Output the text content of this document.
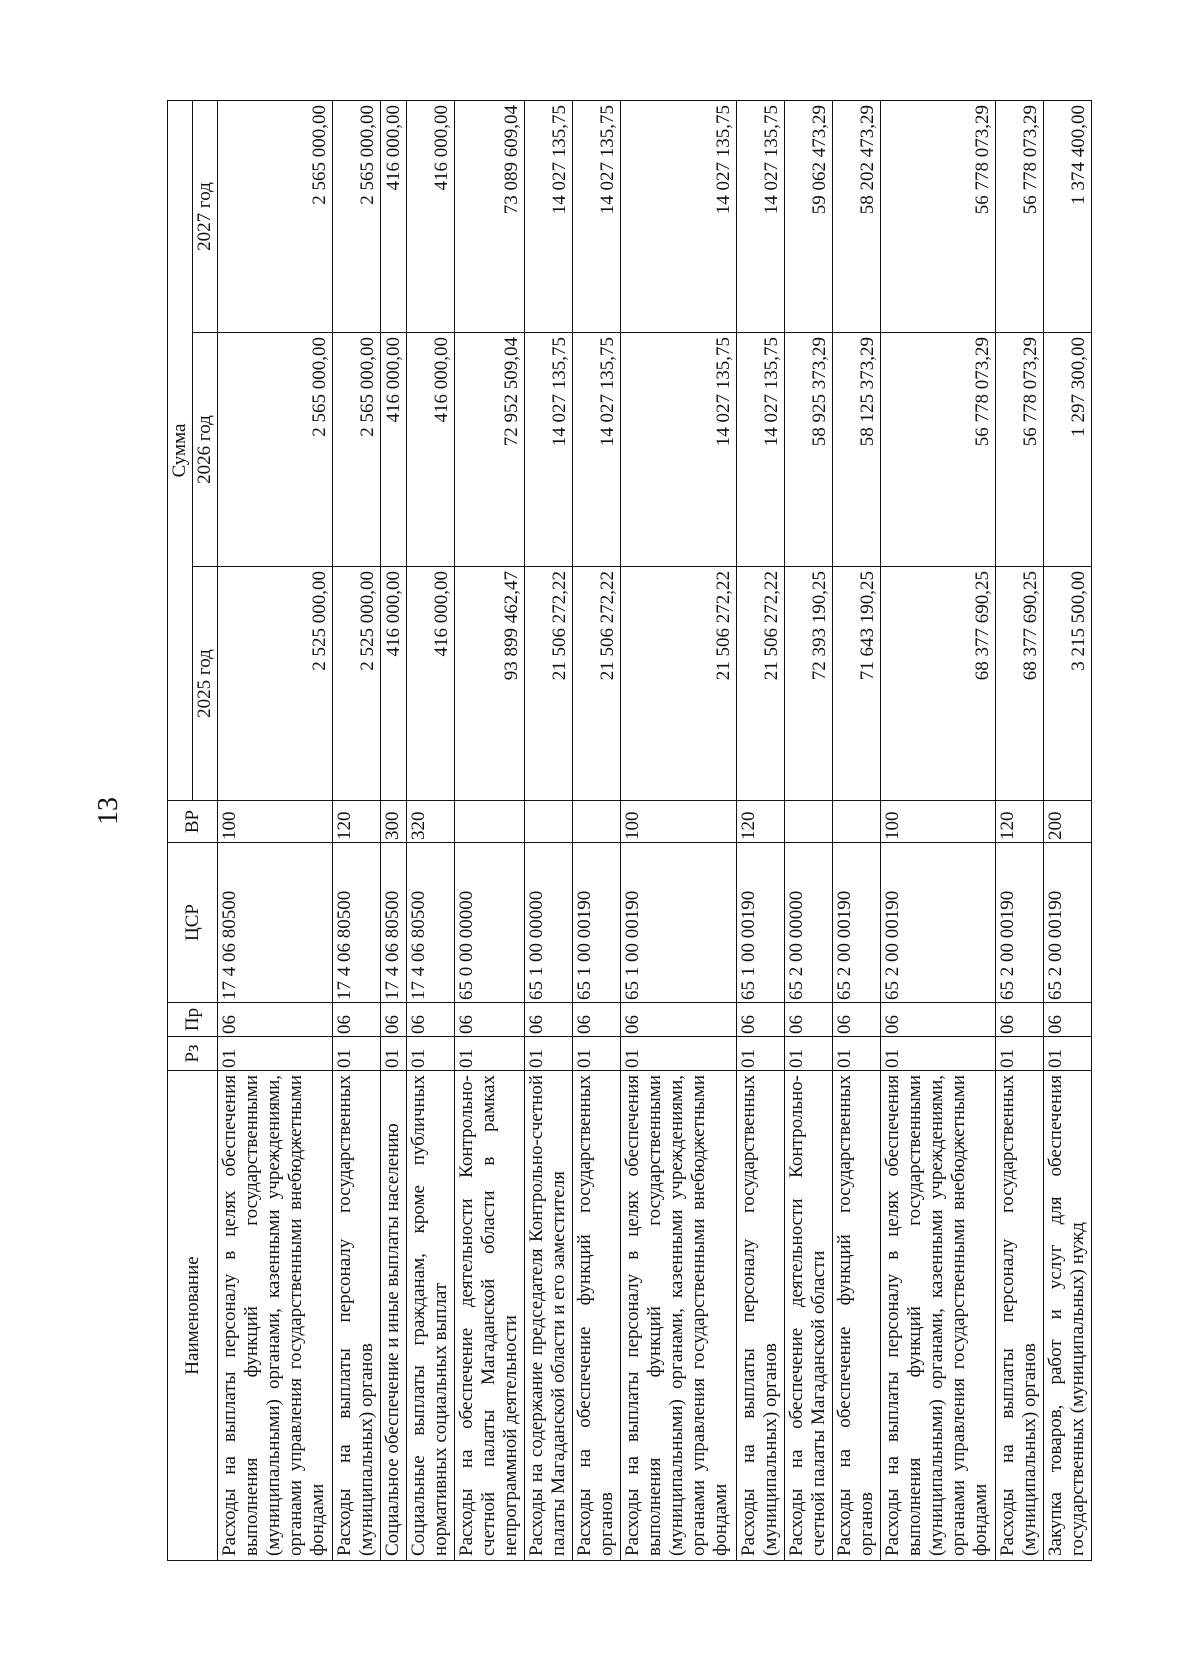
13
Наименование	Рз	Пр	ЦСР	ВР	Сумма		
					2025 год	2026 год	2027 год
Расходы на выплаты персоналу в целях обеспечения выполнения функций государственными (муниципальными) органами, казенными учреждениями, органами управления государственными внебюджетными фондами	01	06	17 4 06 80500	100	2 525 000,00	2 565 000,00	2 565 000,00
Расходы на выплаты персоналу государственных (муниципальных) органов	01	06	17 4 06 80500	120	2 525 000,00	2 565 000,00	2 565 000,00
Социальное обеспечение и иные выплаты населению	01	06	17 4 06 80500	300	416 000,00	416 000,00	416 000,00
Социальные выплаты гражданам, кроме публичных нормативных социальных выплат	01	06	17 4 06 80500	320	416 000,00	416 000,00	416 000,00
Расходы на обеспечение деятельности Контрольно-счетной палаты Магаданской области в рамках непрограммной деятельности	01	06	65 0 00 00000		93 899 462,47	72 952 509,04	73 089 609,04
Расходы на содержание председателя Контрольно-счетной палаты Магаданской области и его заместителя	01	06	65 1 00 00000		21 506 272,22	14 027 135,75	14 027 135,75
Расходы на обеспечение функций государственных органов	01	06	65 1 00 00190		21 506 272,22	14 027 135,75	14 027 135,75
Расходы на выплаты персоналу в целях обеспечения выполнения функций государственными (муниципальными) органами, казенными учреждениями, органами управления государственными внебюджетными фондами	01	06	65 1 00 00190	100	21 506 272,22	14 027 135,75	14 027 135,75
Расходы на выплаты персоналу государственных (муниципальных) органов	01	06	65 1 00 00190	120	21 506 272,22	14 027 135,75	14 027 135,75
Расходы на обеспечение деятельности Контрольно-счетной палаты Магаданской области	01	06	65 2 00 00000		72 393 190,25	58 925 373,29	59 062 473,29
Расходы на обеспечение функций государственных органов	01	06	65 2 00 00190		71 643 190,25	58 125 373,29	58 202 473,29
Расходы на выплаты персоналу в целях обеспечения выполнения функций государственными (муниципальными) органами, казенными учреждениями, органами управления государственными внебюджетными фондами	01	06	65 2 00 00190	100	68 377 690,25	56 778 073,29	56 778 073,29
Расходы на выплаты персоналу государственных (муниципальных) органов	01	06	65 2 00 00190	120	68 377 690,25	56 778 073,29	56 778 073,29
Закупка товаров, работ и услуг для обеспечения государственных (муниципальных) нужд	01	06	65 2 00 00190	200	3 215 500,00	1 297 300,00	1 374 400,00
